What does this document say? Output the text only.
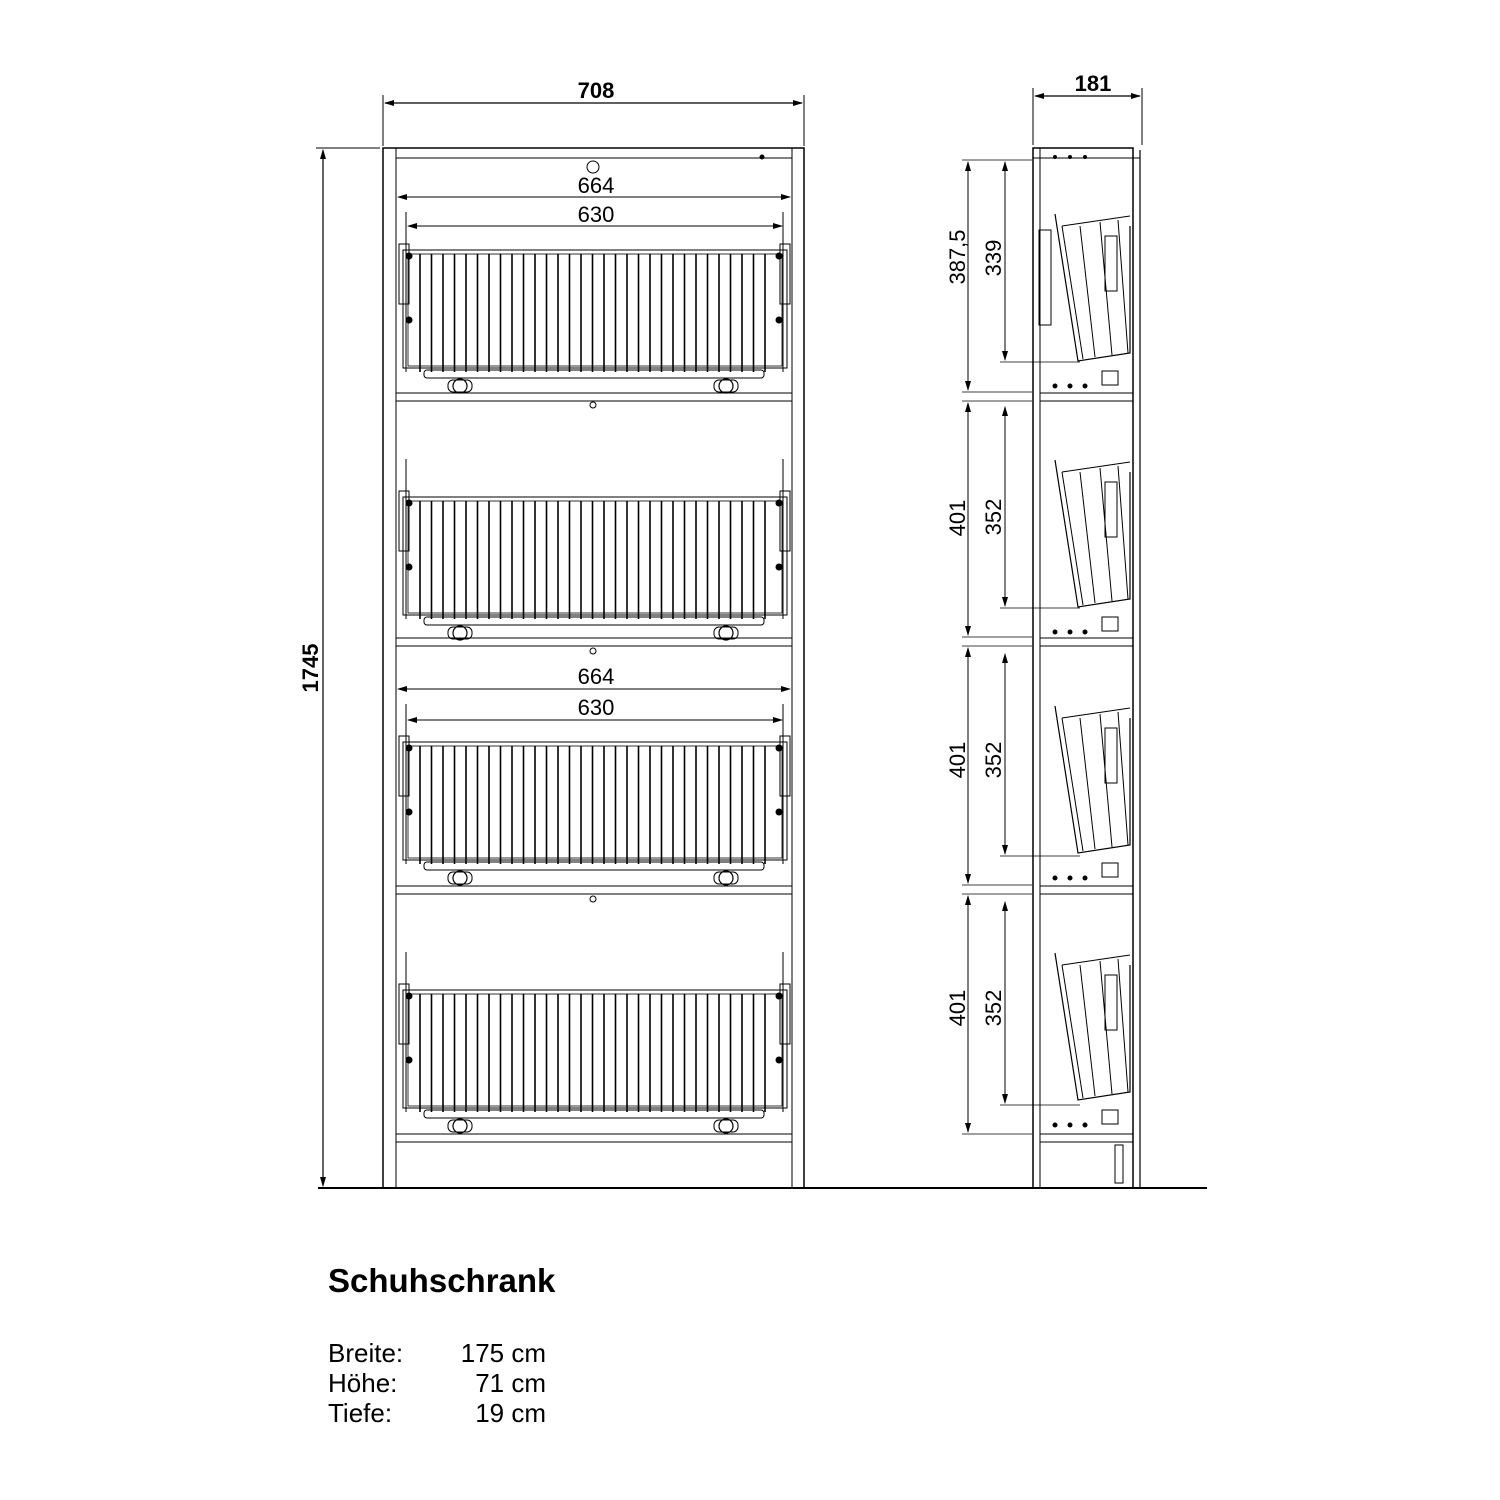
708
1745
664
630
664
630
181
387,5 339
401 352
401 352
401 352
Schuhschrank
Breite:	175 cm
Höhe:	71 cm
Tiefe:	19 cm
